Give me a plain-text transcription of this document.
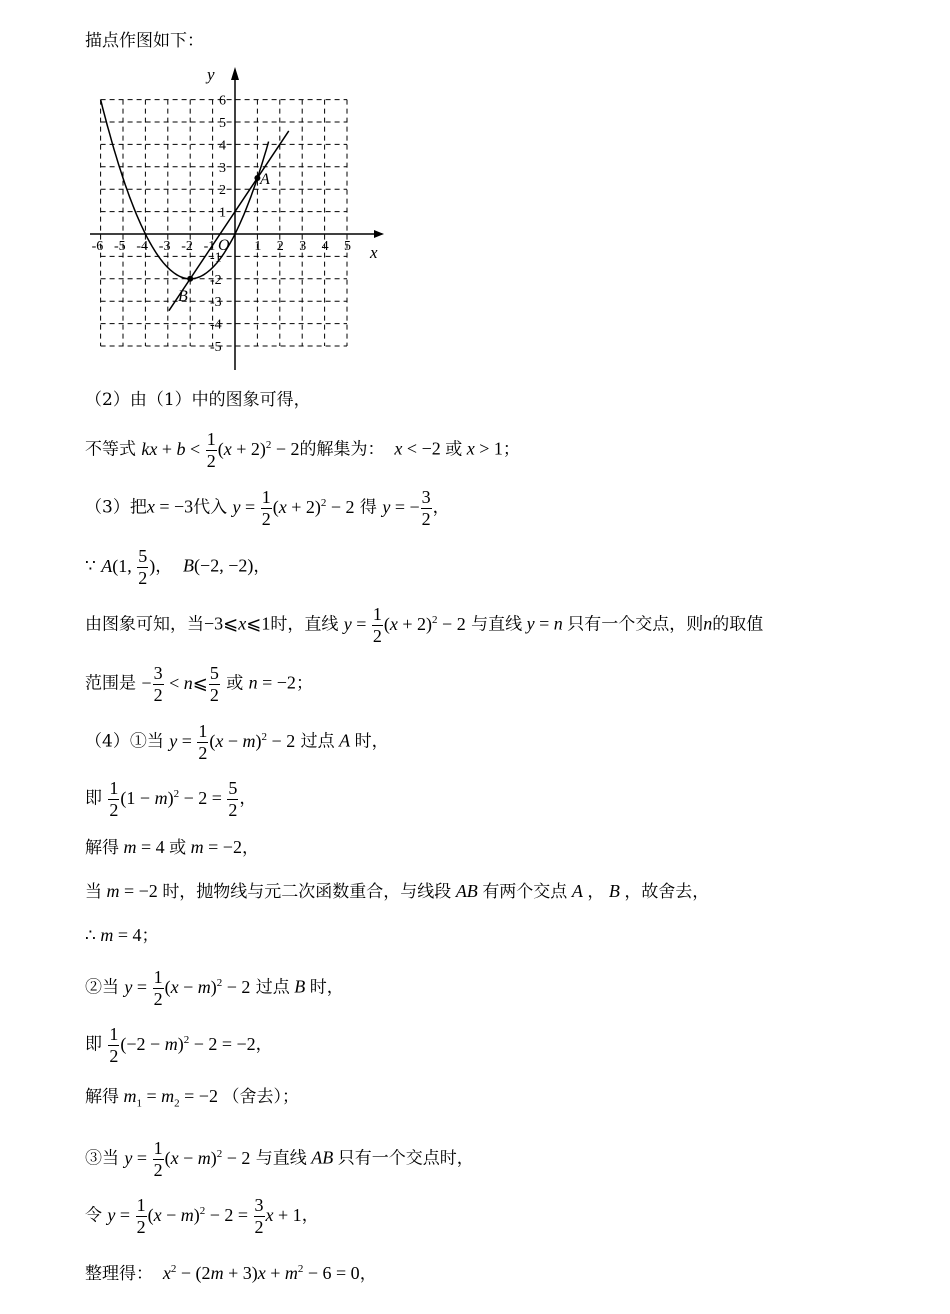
描点作图如下：
-6 -5 -4 -3 -2 -1	1 2 3 4 5
6
5
4
3
2
1
-1
-2
-3
-4
-5
x
y
O
A
B
（2）由（1）中的图象可得，
不等式 kx + $b < \frac{1}{2} (x + 2)^2 - 2$的解集为： x < −2 或 x > 1；
（3）把x = −3代入 $y = \frac{1}{2} (x + 2)^2 - 2$ 得 y = − $\frac{3}{2}$ ，
∵ A(1, $\frac{5}{2}$ )，  B(−2, −2)，
由图象可知，当−3⩽x⩽1时，直线 $y = \frac{1}{2} (x + 2)^2 - 2$ 与直线 y = n 只有一个交点，则n的取值
范围是 − $\frac{3}{2}$ < n⩽ $\frac{5}{2}$ 或 n = −2；
（4）①当 $y = \frac{1}{2} (x - m)^2 - 2$ 过点 A 时，
即 $\frac{1}{2} (1 - m)^2 - 2 = \frac{5}{2}$ ，
解得 m = 4 或 m = −2，
当 m = −2 时，抛物线与元二次函数重合，与线段 AB 有两个交点 A ， B ，故舍去，
∴ m = 4；
②当 $y = \frac{1}{2} (x - m)^2 - 2$ 过点 B 时，
即 $\frac{1}{2} (-2 - m)^2 - 2 = -2$，
解得 $m_1 = m_2 = -2$ （舍去）；
③当 $y = \frac{1}{2} (x - m)^2 - 2$ 与直线 AB 只有一个交点时，
令 $y = \frac{1}{2} (x - m)^2 - 2 = \frac{3}{2}$ x + 1，
整理得： $x^2 - (2m + 3)x + m^2 - 6 = 0$，
